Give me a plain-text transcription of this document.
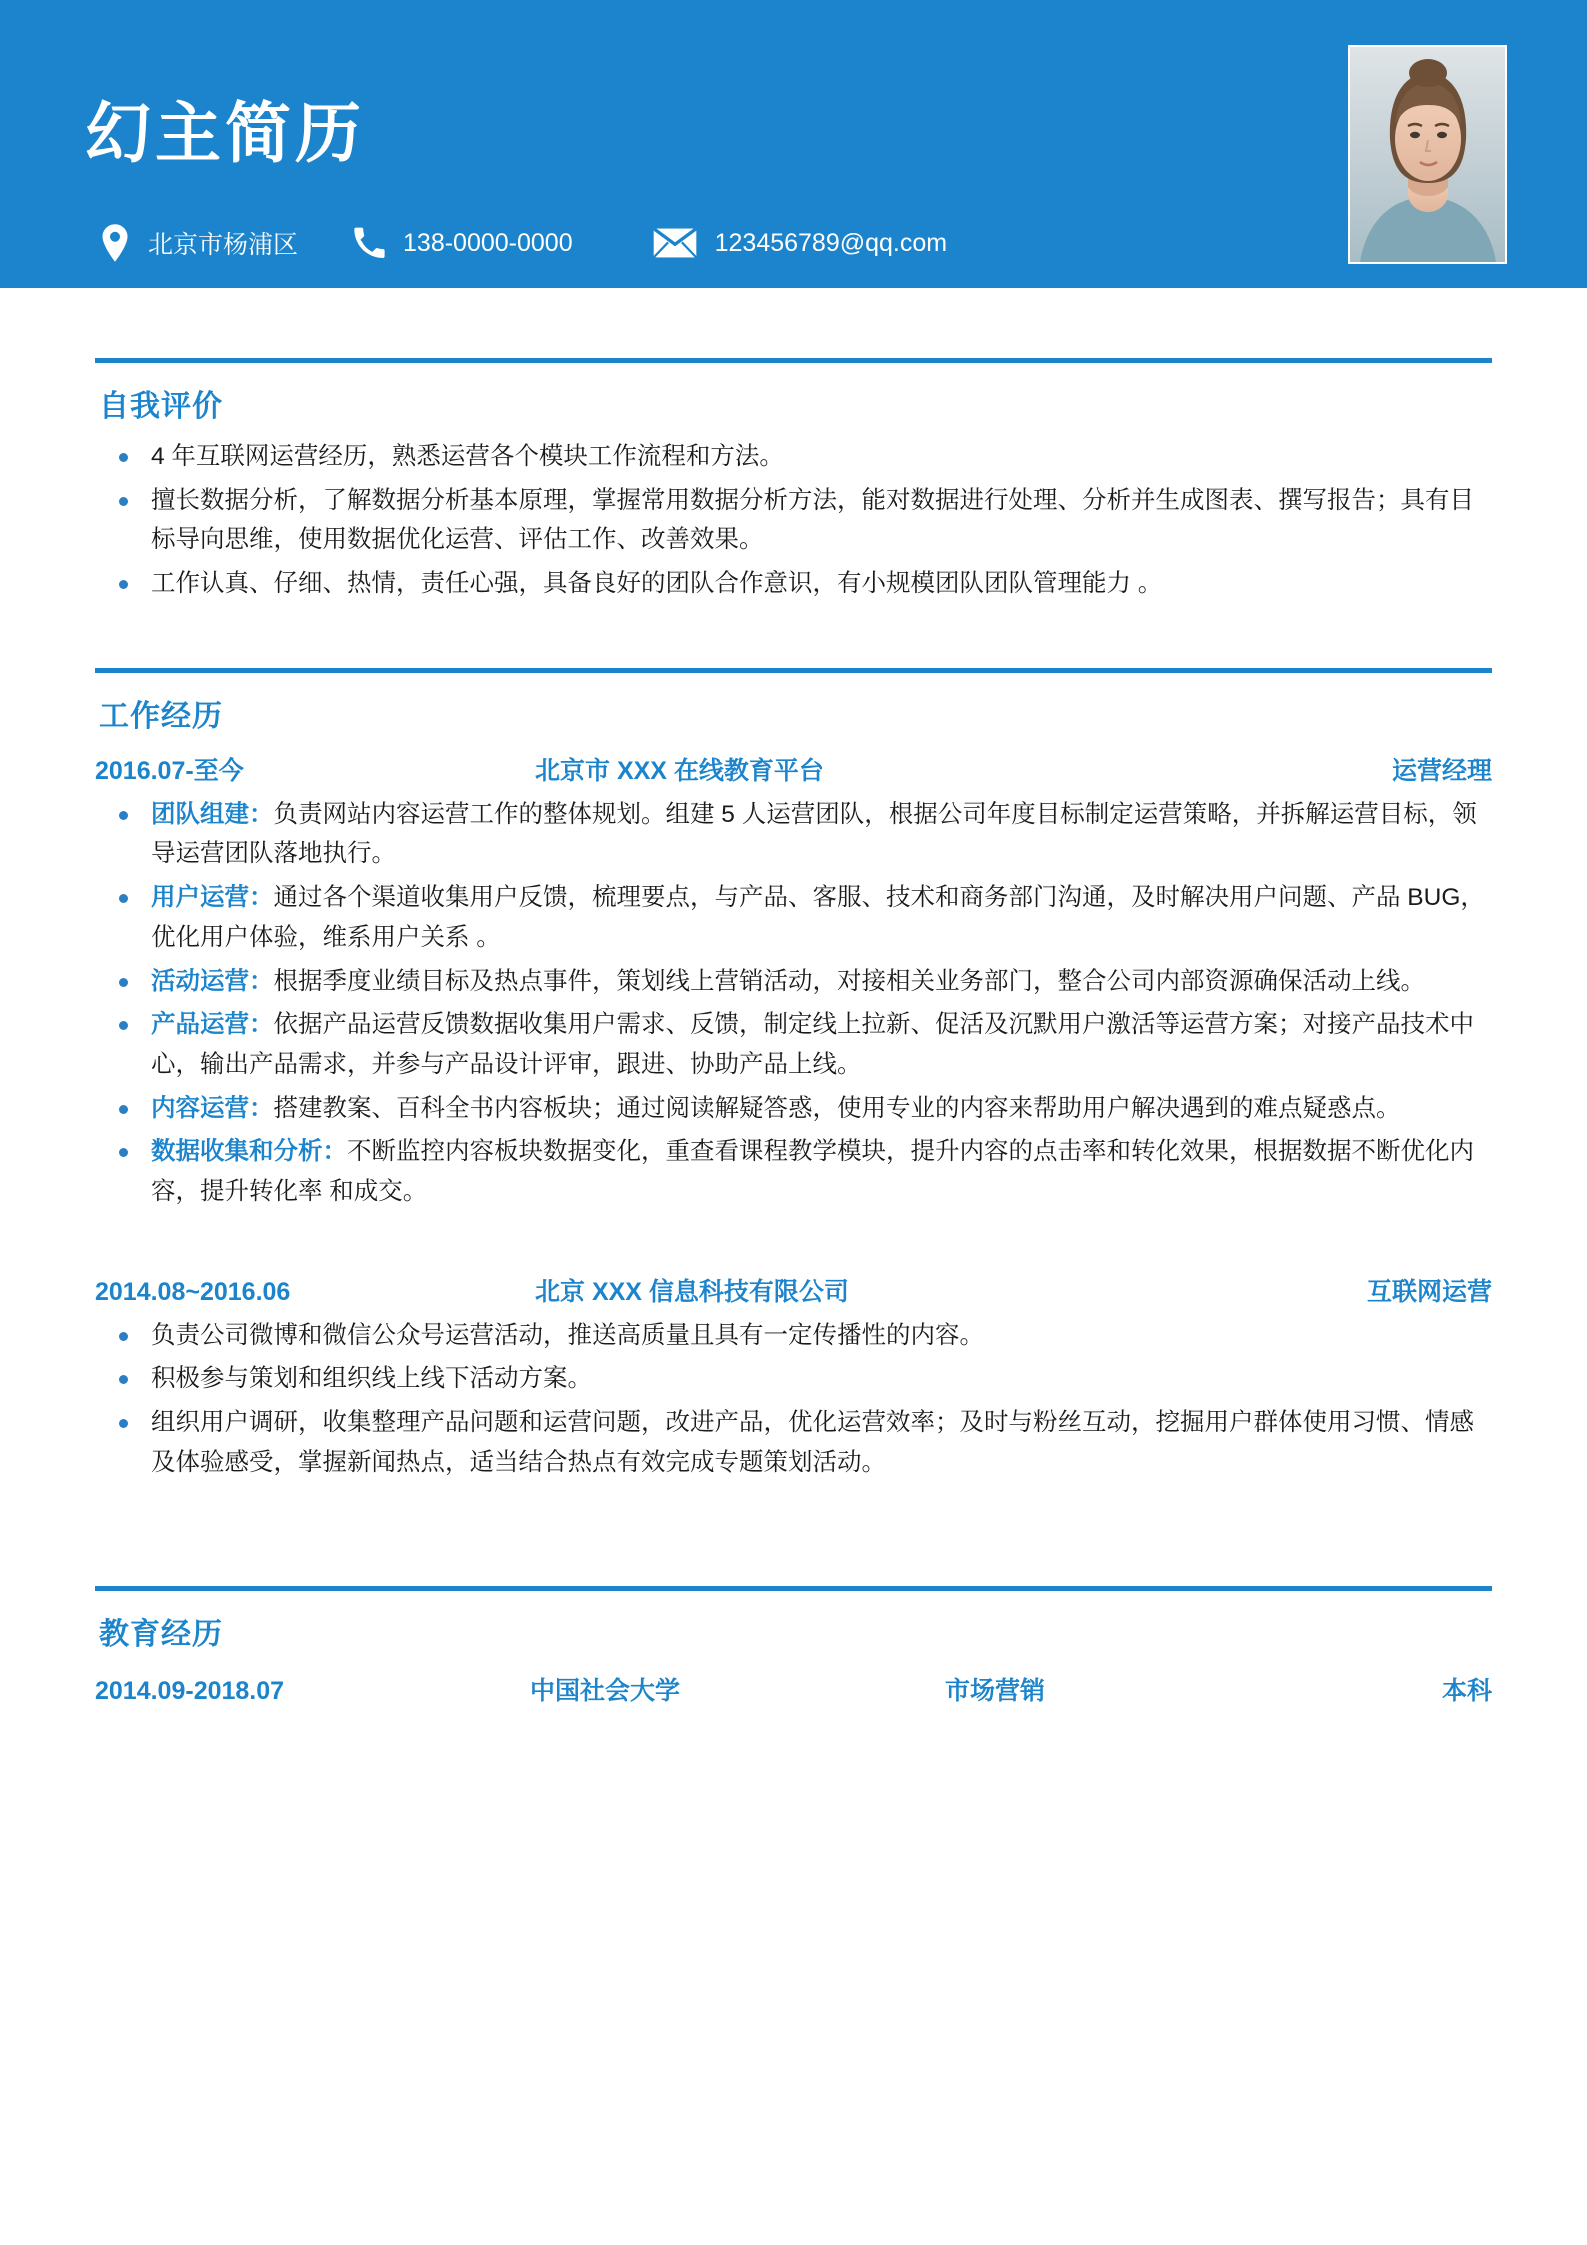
幻主简历
北京市杨浦区	138-0000-0000	123456789@qq.com
自我评价
4 年互联网运营经历，熟悉运营各个模块工作流程和方法。
擅长数据分析，了解数据分析基本原理，掌握常用数据分析方法，能对数据进行处理、分析并生成图表、撰写报告；具有目标导向思维，使用数据优化运营、评估工作、改善效果。
工作认真、仔细、热情，责任心强，具备良好的团队合作意识，有小规模团队团队管理能力 。
工作经历
2016.07-至今	北京市 XXX 在线教育平台	运营经理
团队组建：负责网站内容运营工作的整体规划。组建 5 人运营团队，根据公司年度目标制定运营策略，并拆解运营目标，领导运营团队落地执行。
用户运营：通过各个渠道收集用户反馈，梳理要点，与产品、客服、技术和商务部门沟通，及时解决用户问题、产品 BUG，优化用户体验，维系用户关系 。
活动运营：根据季度业绩目标及热点事件，策划线上营销活动，对接相关业务部门，整合公司内部资源确保活动上线。
产品运营：依据产品运营反馈数据收集用户需求、反馈，制定线上拉新、促活及沉默用户激活等运营方案；对接产品技术中心，输出产品需求，并参与产品设计评审，跟进、协助产品上线。
内容运营：搭建教案、百科全书内容板块；通过阅读解疑答惑，使用专业的内容来帮助用户解决遇到的难点疑惑点。
数据收集和分析：不断监控内容板块数据变化，重查看课程教学模块，提升内容的点击率和转化效果，根据数据不断优化内容，提升转化率 和成交。
2014.08~2016.06	北京 XXX 信息科技有限公司	互联网运营
负责公司微博和微信公众号运营活动，推送高质量且具有一定传播性的内容。
积极参与策划和组织线上线下活动方案。
组织用户调研，收集整理产品问题和运营问题，改进产品，优化运营效率；及时与粉丝互动，挖掘用户群体使用习惯、情感及体验感受，掌握新闻热点，适当结合热点有效完成专题策划活动。
教育经历
2014.09-2018.07	中国社会大学	市场营销	本科
